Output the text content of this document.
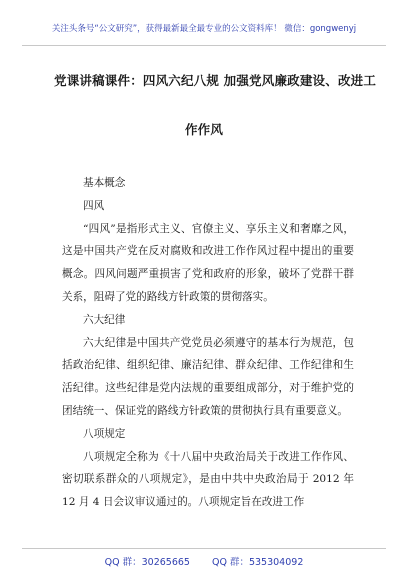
关注头条号“公文研究”，获得最新最全最专业的公文资料库！ 微信：gongwenyj
党课讲稿课件：四风六纪八规 加强党风廉政建设、改进工
作作风

基本概念

四风

“四风”是指形式主义、官僚主义、享乐主义和奢靡之风，这是中国共产党在反对腐败和改进工作作风过程中提出的重要概念。四风问题严重损害了党和政府的形象，破坏了党群干群关系，阻碍了党的路线方针政策的贯彻落实。

六大纪律

六大纪律是中国共产党党员必须遵守的基本行为规范，包括政治纪律、组织纪律、廉洁纪律、群众纪律、工作纪律和生活纪律。这些纪律是党内法规的重要组成部分，对于维护党的团结统一、保证党的路线方针政策的贯彻执行具有重要意义。

八项规定

八项规定全称为《十八届中央政治局关于改进工作作风、密切联系群众的八项规定》，是由中共中央政治局于 2012 年 12 月 4 日会议审议通过的。八项规定旨在改进工作

QQ 群：30265665 QQ 群：535304092
